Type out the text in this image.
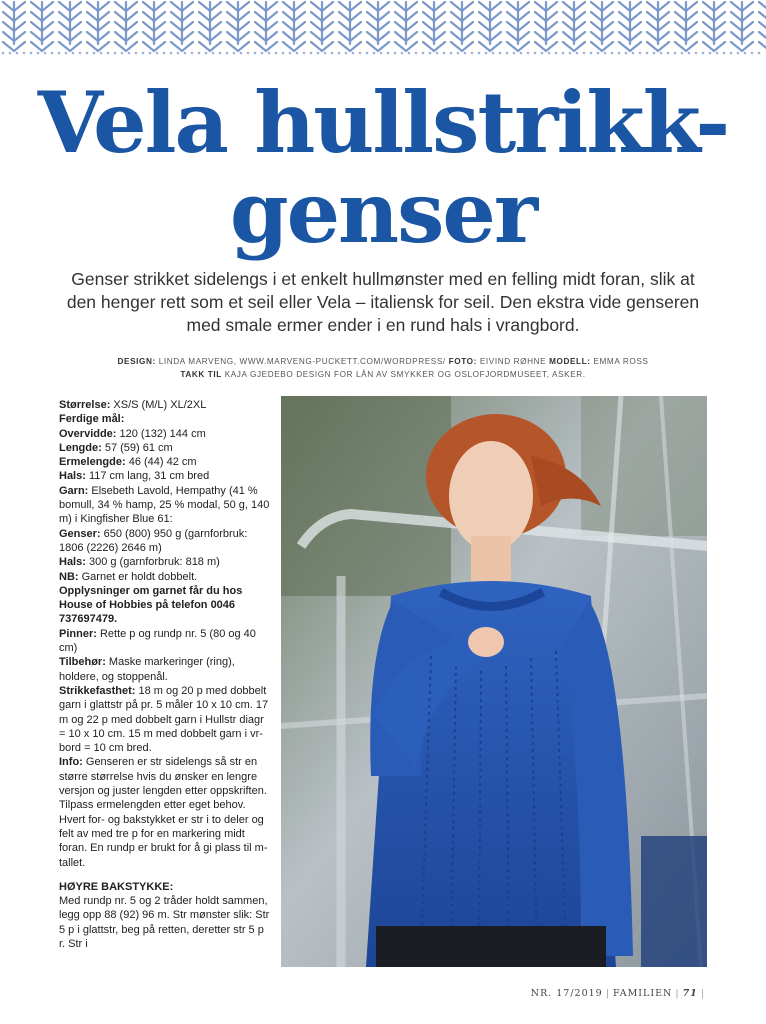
Vela hullstrikk-
genser
Genser strikket sidelengs i et enkelt hullmønster med en felling midt foran, slik at den henger rett som et seil eller Vela – italiensk for seil. Den ekstra vide genseren med smale ermer ender i en rund hals i vrangbord.
DESIGN: LINDA MARVENG, WWW.MARVENG-PUCKETT.COM/WORDPRESS/ FOTO: EIVIND RØHNE MODELL: EMMA ROSS
TAKK TIL KAJA GJEDEBO DESIGN FOR LÅN AV SMYKKER OG OSLOFJORDMUSEET, ASKER.
Størrelse: XS/S (M/L) XL/2XL
Ferdige mål:
Overvidde: 120 (132) 144 cm
Lengde: 57 (59) 61 cm
Ermelengde: 46 (44) 42 cm
Hals: 117 cm lang, 31 cm bred
Garn: Elsebeth Lavold, Hempathy (41 % bomull, 34 % hamp, 25 % modal, 50 g, 140 m) i Kingfisher Blue 61:
Genser: 650 (800) 950 g (garnforbruk: 1806 (2226) 2646 m)
Hals: 300 g (garnforbruk: 818 m)
NB: Garnet er holdt dobbelt.
Opplysninger om garnet får du hos House of Hobbies på telefon 0046 737697479.
Pinner: Rette p og rundp nr. 5 (80 og 40 cm)
Tilbehør: Maske markeringer (ring), holdere, og stoppenål.
Strikkefasthet: 18 m og 20 p med dobbelt garn i glattstr på pr. 5 måler 10 x 10 cm. 17 m og 22 p med dobbelt garn i Hullstr diagr = 10 x 10 cm. 15 m med dobbelt garn i vr-bord = 10 cm bred.
Info: Genseren er str sidelengs så str en større størrelse hvis du ønsker en lengre versjon og juster lengden etter oppskriften. Tilpass ermelengden etter eget behov. Hvert for- og bakstykket er str i to deler og felt av med tre p for en markering midt foran. En rundp er brukt for å gi plass til m-tallet.
HØYRE BAKSTYKKE:
Med rundp nr. 5 og 2 tråder holdt sammen, legg opp 88 (92) 96 m. Str mønster slik: Str 5 p i glattstr, beg på retten, deretter str 5 p r. Str i
NR. 17/2019 | FAMILIEN | 71 |
